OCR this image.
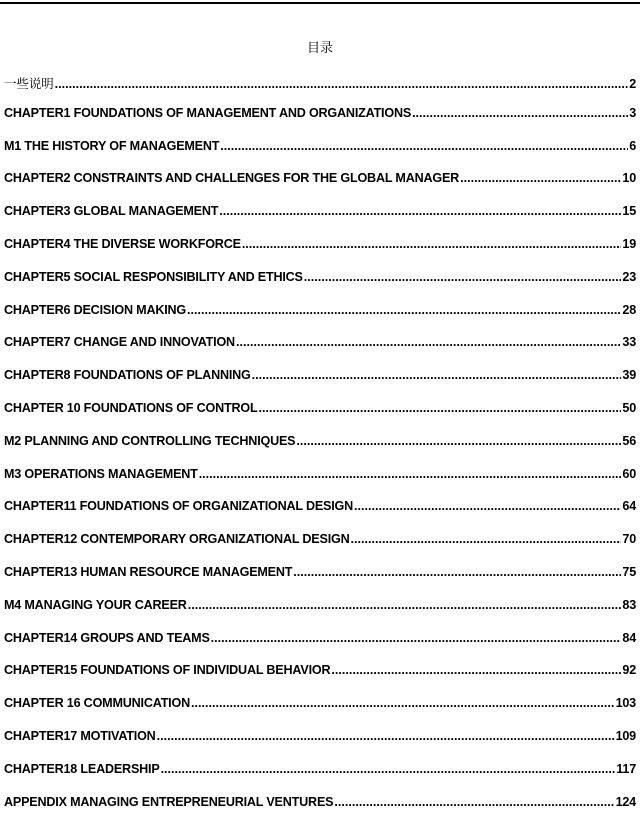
目录
一些说明 .....	2
CHAPTER1 FOUNDATIONS OF MANAGEMENT AND ORGANIZATIONS .....	3
M1 THE HISTORY OF MANAGEMENT .....	6
CHAPTER2 CONSTRAINTS AND CHALLENGES FOR THE GLOBAL MANAGER .....	10
CHAPTER3 GLOBAL MANAGEMENT .....	15
CHAPTER4 THE DIVERSE WORKFORCE .....	19
CHAPTER5 SOCIAL RESPONSIBILITY AND ETHICS .....	23
CHAPTER6 DECISION MAKING .....	28
CHAPTER7 CHANGE AND INNOVATION .....	33
CHAPTER8 FOUNDATIONS OF PLANNING .....	39
CHAPTER 10 FOUNDATIONS OF CONTROL .....	50
M2 PLANNING AND CONTROLLING TECHNIQUES .....	56
M3 OPERATIONS MANAGEMENT .....	60
CHAPTER11 FOUNDATIONS OF ORGANIZATIONAL DESIGN .....	64
CHAPTER12 CONTEMPORARY ORGANIZATIONAL DESIGN .....	70
CHAPTER13 HUMAN RESOURCE MANAGEMENT .....	75
M4 MANAGING YOUR CAREER .....	83
CHAPTER14 GROUPS AND TEAMS .....	84
CHAPTER15 FOUNDATIONS OF INDIVIDUAL BEHAVIOR .....	92
CHAPTER 16 COMMUNICATION .....	103
CHAPTER17 MOTIVATION .....	109
CHAPTER18 LEADERSHIP .....	117
APPENDIX MANAGING ENTREPRENEURIAL VENTURES .....	124
